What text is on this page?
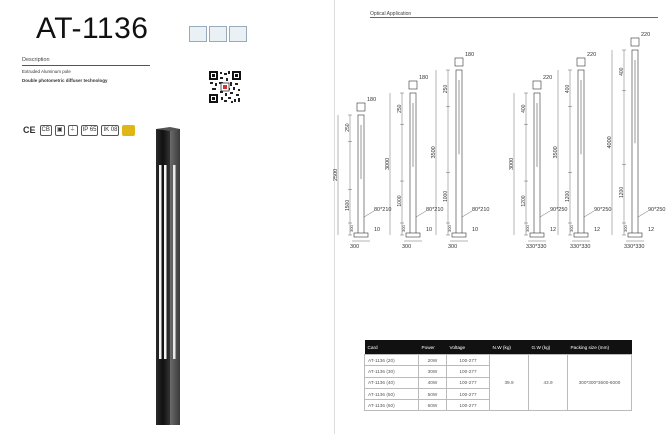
AT-1136
Description
Extruded Aluminum pole
Double photometric diffuser technology
CE	CB	▣	⏚	IP 65	IK 08
Optical Application
180
250
1500
300
2500
80*210
10
300
180
250
1000
300
3000
80*210
10
300
180
250
1000
300
3500
80*210
10
300
220
400
1200
300
3000
90*250
12
330*330
220
400
1200
300
3500
90*250
12
330*330
220
400
1200
300
4000
90*250
12
330*330
Card	Power	Voltage	N.W (kg)	G.W (kg)	Packing size (mm)
AT-1136 (20)	20W	100-277	39.9	43.9	300*300*3600-6000
AT-1136 (30)	30W	100-277			
AT-1136 (40)	40W	100-277			
AT-1136 (50)	50W	100-277			
AT-1136 (60)	60W	100-277			
